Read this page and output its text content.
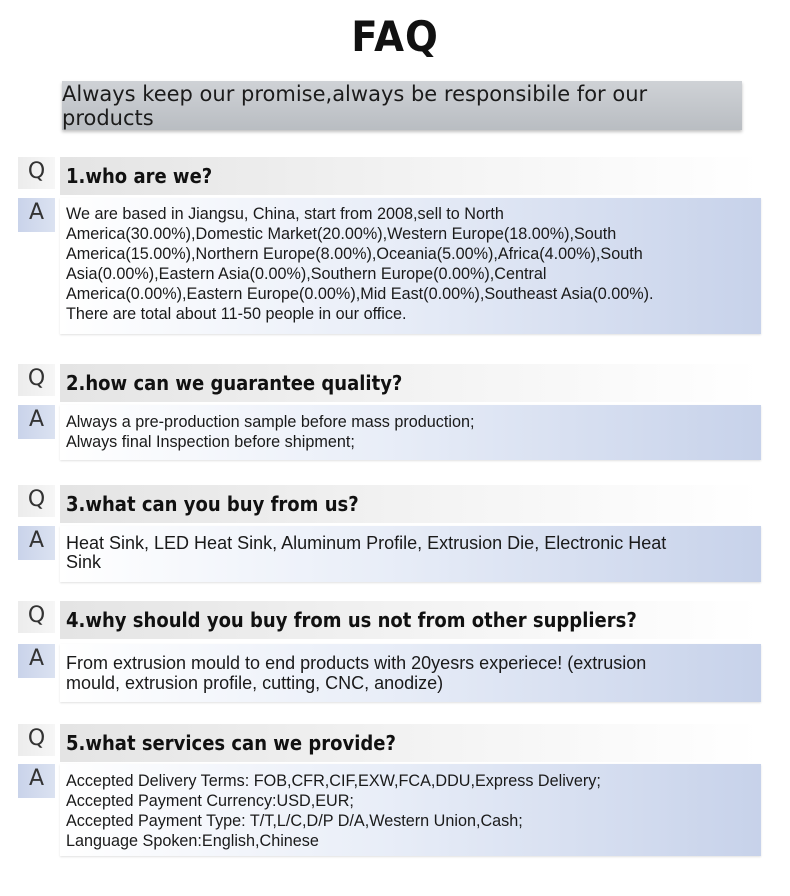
FAQ
Always keep our promise,always be responsibile for our products
Q	1.who are we?
A	We are based in Jiangsu, China, start from 2008,sell to North
America(30.00%),Domestic Market(20.00%),Western Europe(18.00%),South
America(15.00%),Northern Europe(8.00%),Oceania(5.00%),Africa(4.00%),South
Asia(0.00%),Eastern Asia(0.00%),Southern Europe(0.00%),Central
America(0.00%),Eastern Europe(0.00%),Mid East(0.00%),Southeast Asia(0.00%).
There are total about 11-50 people in our office.
Q	2.how can we guarantee quality?
A	Always a pre-production sample before mass production;
Always final Inspection before shipment;
Q	3.what can you buy from us?
A	Heat Sink, LED Heat Sink, Aluminum Profile, Extrusion Die, Electronic Heat
Sink
Q	4.why should you buy from us not from other suppliers?
A	From extrusion mould to end products with 20yesrs experiece! (extrusion
mould, extrusion profile, cutting, CNC, anodize)
Q	5.what services can we provide?
A	Accepted Delivery Terms: FOB,CFR,CIF,EXW,FCA,DDU,Express Delivery;
Accepted Payment Currency:USD,EUR;
Accepted Payment Type: T/T,L/C,D/P D/A,Western Union,Cash;
Language Spoken:English,Chinese
